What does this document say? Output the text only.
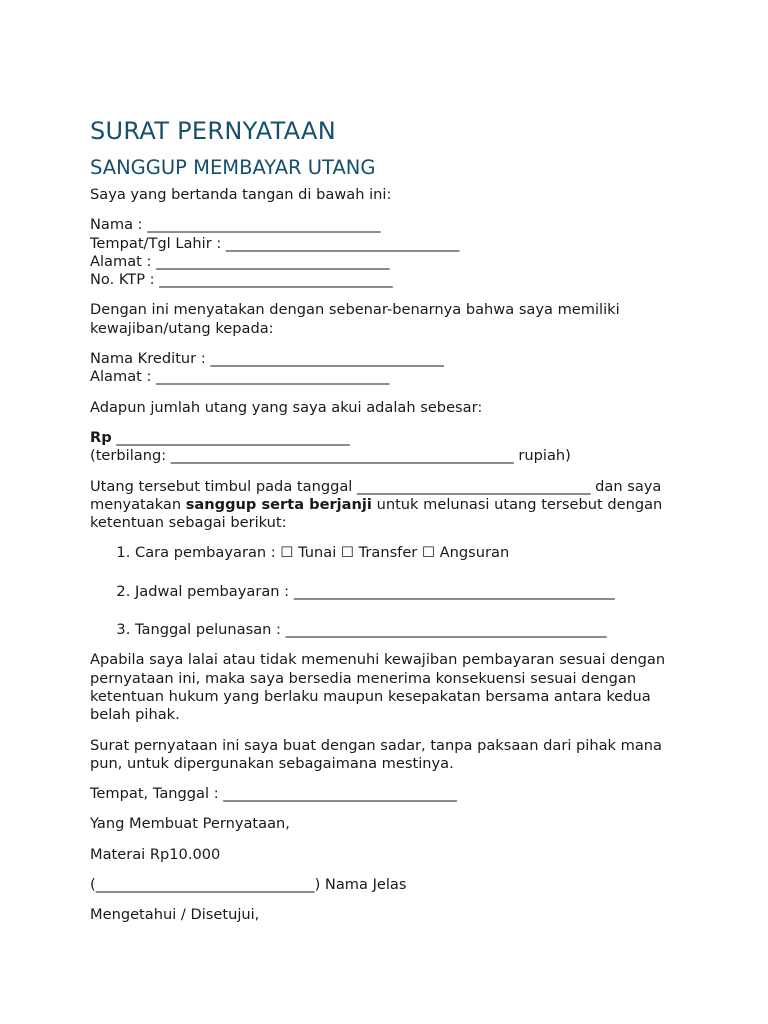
SURAT PERNYATAAN
SANGGUP MEMBAYAR UTANG

Saya yang bertanda tangan di bawah ini:

Nama : ________________________________
Tempat/Tgl Lahir : ________________________________
Alamat : ________________________________
No. KTP : ________________________________

Dengan ini menyatakan dengan sebenar-benarnya bahwa saya memiliki kewajiban/utang kepada:

Nama Kreditur : ________________________________
Alamat : ________________________________

Adapun jumlah utang yang saya akui adalah sebesar:

Rp ________________________________
(terbilang: _______________________________________________ rupiah)

Utang tersebut timbul pada tanggal ________________________________ dan saya menyatakan sanggup serta berjanji untuk melunasi utang tersebut dengan ketentuan sebagai berikut:

1. Cara pembayaran : ☐ Tunai ☐ Transfer ☐ Angsuran
2. Jadwal pembayaran : ____________________________________________
3. Tanggal pelunasan : ____________________________________________

Apabila saya lalai atau tidak memenuhi kewajiban pembayaran sesuai dengan pernyataan ini, maka saya bersedia menerima konsekuensi sesuai dengan ketentuan hukum yang berlaku maupun kesepakatan bersama antara kedua belah pihak.

Surat pernyataan ini saya buat dengan sadar, tanpa paksaan dari pihak mana pun, untuk dipergunakan sebagaimana mestinya.

Tempat, Tanggal : ________________________________

Yang Membuat Pernyataan,

Materai Rp10.000

(______________________________) Nama Jelas

Mengetahui / Disetujui,
